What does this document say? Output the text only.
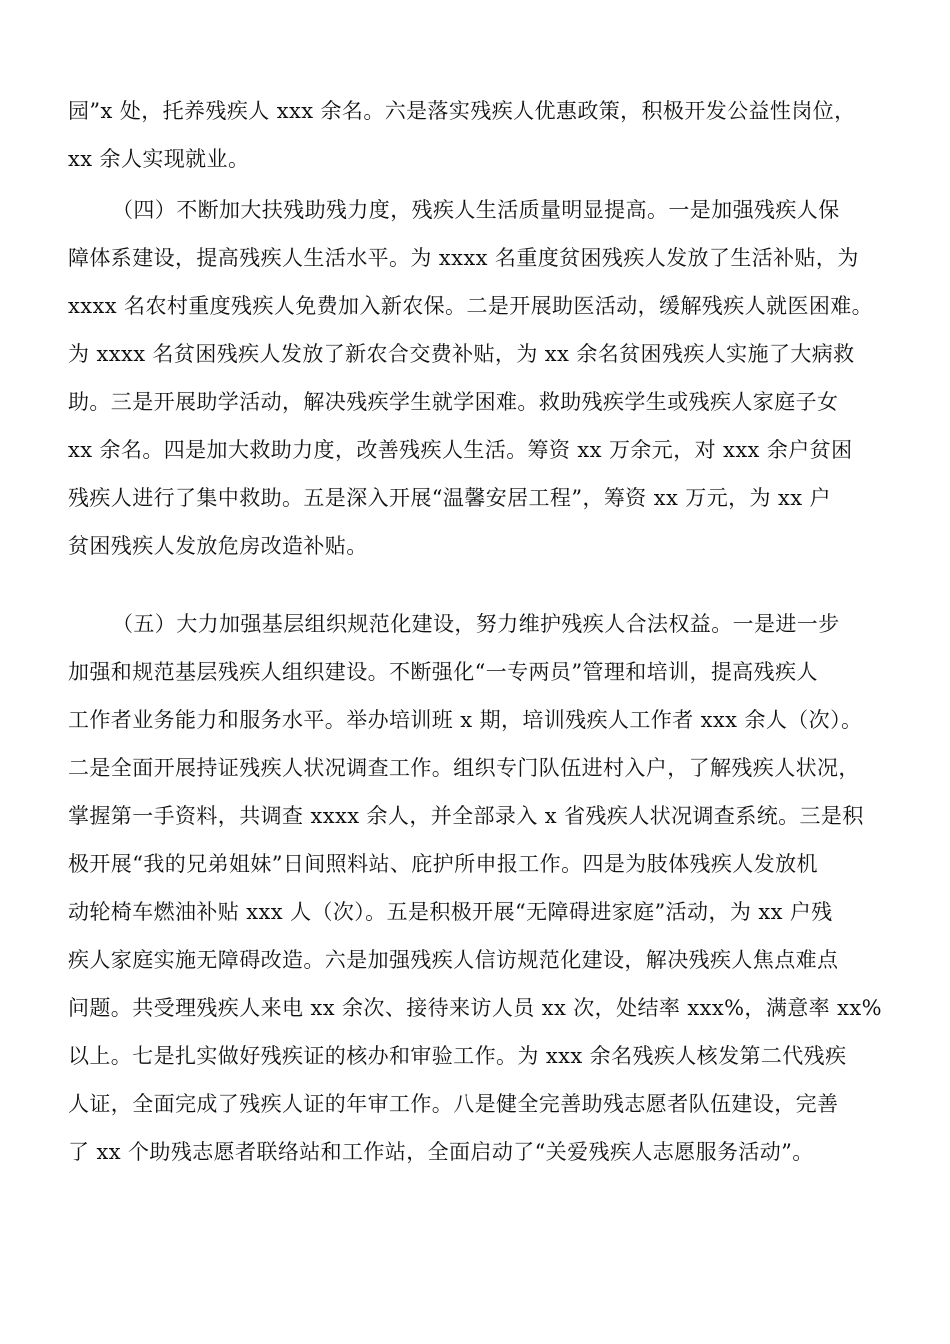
园”x 处，托养残疾人 xxx 余名。六是落实残疾人优惠政策，积极开发公益性岗位，
xx 余人实现就业。
（四）不断加大扶残助残力度，残疾人生活质量明显提高。一是加强残疾人保
障体系建设，提高残疾人生活水平。为 xxxx 名重度贫困残疾人发放了生活补贴，为
xxxx 名农村重度残疾人免费加入新农保。二是开展助医活动，缓解残疾人就医困难。
为 xxxx 名贫困残疾人发放了新农合交费补贴，为 xx 余名贫困残疾人实施了大病救
助。三是开展助学活动，解决残疾学生就学困难。救助残疾学生或残疾人家庭子女
xx 余名。四是加大救助力度，改善残疾人生活。筹资 xx 万余元，对 xxx 余户贫困
残疾人进行了集中救助。五是深入开展“温馨安居工程”，筹资 xx 万元，为 xx 户
贫困残疾人发放危房改造补贴。
（五）大力加强基层组织规范化建设，努力维护残疾人合法权益。一是进一步
加强和规范基层残疾人组织建设。不断强化“一专两员”管理和培训，提高残疾人
工作者业务能力和服务水平。举办培训班 x 期，培训残疾人工作者 xxx 余人（次）。
二是全面开展持证残疾人状况调查工作。组织专门队伍进村入户，了解残疾人状况，
掌握第一手资料，共调查 xxxx 余人，并全部录入 x 省残疾人状况调查系统。三是积
极开展“我的兄弟姐妹”日间照料站、庇护所申报工作。四是为肢体残疾人发放机
动轮椅车燃油补贴 xxx 人（次）。五是积极开展“无障碍进家庭”活动，为 xx 户残
疾人家庭实施无障碍改造。六是加强残疾人信访规范化建设，解决残疾人焦点难点
问题。共受理残疾人来电 xx 余次、接待来访人员 xx 次，处结率 xxx%，满意率 xx%
以上。七是扎实做好残疾证的核办和审验工作。为 xxx 余名残疾人核发第二代残疾
人证，全面完成了残疾人证的年审工作。八是健全完善助残志愿者队伍建设，完善
了 xx 个助残志愿者联络站和工作站，全面启动了“关爱残疾人志愿服务活动”。
